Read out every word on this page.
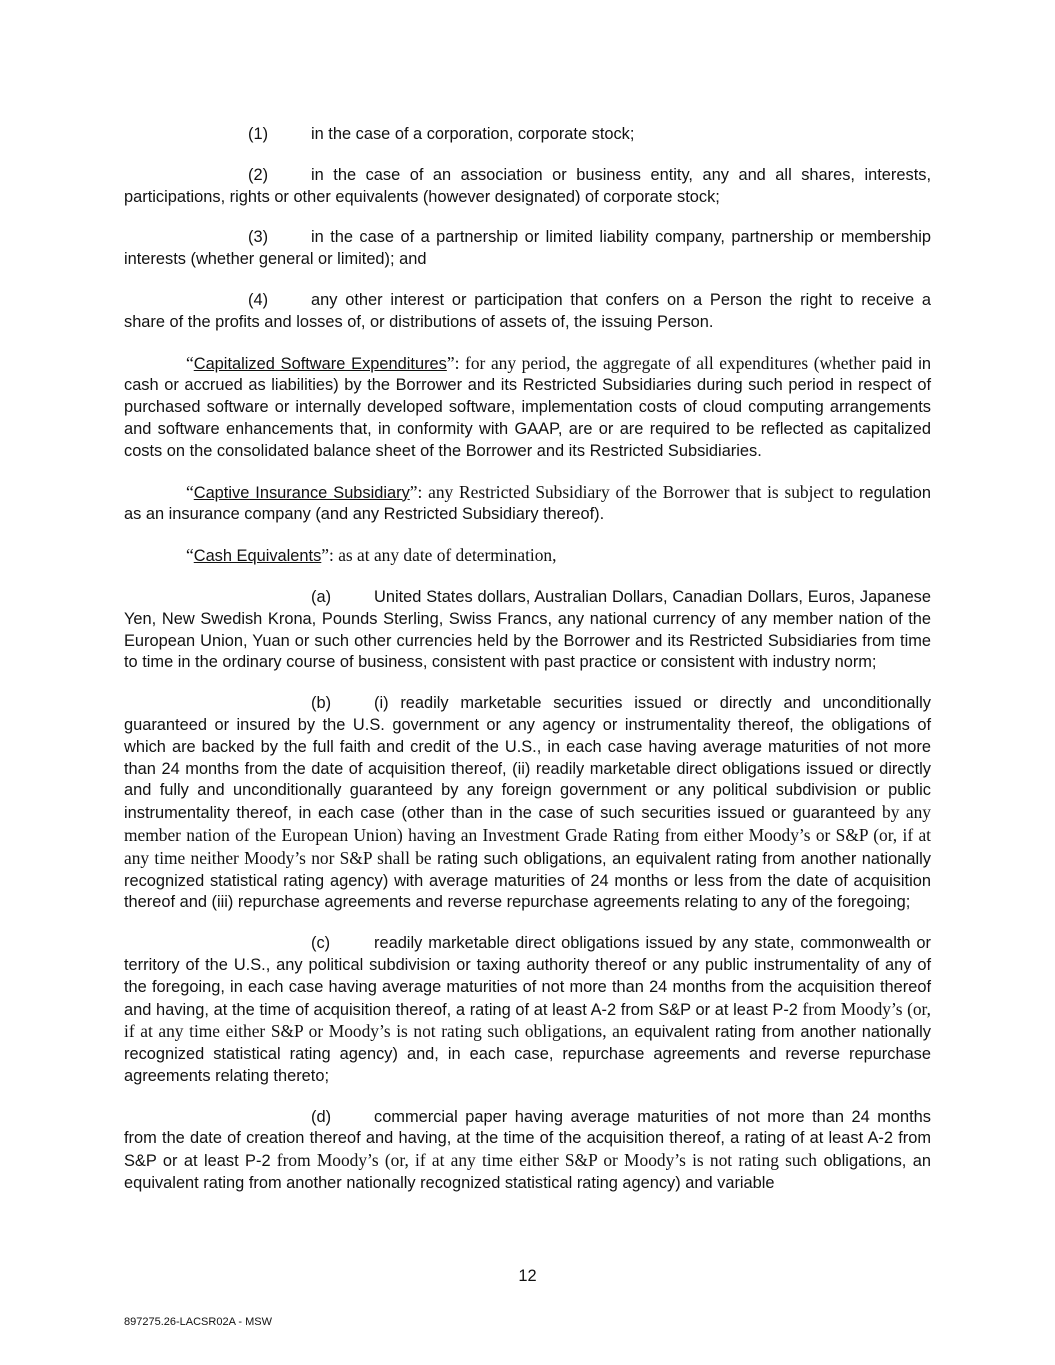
(1)	in the case of a corporation, corporate stock;

(2)	in the case of an association or business entity, any and all shares, interests, participations, rights or other equivalents (however designated) of corporate stock;

(3)	in the case of a partnership or limited liability company, partnership or membership interests (whether general or limited); and

(4)	any other interest or participation that confers on a Person the right to receive a share of the profits and losses of, or distributions of assets of, the issuing Person.

“Capitalized Software Expenditures”: for any period, the aggregate of all expenditures (whether paid in cash or accrued as liabilities) by the Borrower and its Restricted Subsidiaries during such period in respect of purchased software or internally developed software, implementation costs of cloud computing arrangements and software enhancements that, in conformity with GAAP, are or are required to be reflected as capitalized costs on the consolidated balance sheet of the Borrower and its Restricted Subsidiaries.

“Captive Insurance Subsidiary”: any Restricted Subsidiary of the Borrower that is subject to regulation as an insurance company (and any Restricted Subsidiary thereof).

“Cash Equivalents”: as at any date of determination,

(a)	United States dollars, Australian Dollars, Canadian Dollars, Euros, Japanese Yen, New Swedish Krona, Pounds Sterling, Swiss Francs, any national currency of any member nation of the European Union, Yuan or such other currencies held by the Borrower and its Restricted Subsidiaries from time to time in the ordinary course of business, consistent with past practice or consistent with industry norm;

(b)	(i) readily marketable securities issued or directly and unconditionally guaranteed or insured by the U.S. government or any agency or instrumentality thereof, the obligations of which are backed by the full faith and credit of the U.S., in each case having average maturities of not more than 24 months from the date of acquisition thereof, (ii) readily marketable direct obligations issued or directly and fully and unconditionally guaranteed by any foreign government or any political subdivision or public instrumentality thereof, in each case (other than in the case of such securities issued or guaranteed by any member nation of the European Union) having an Investment Grade Rating from either Moody’s or S&P (or, if at any time neither Moody’s nor S&P shall be rating such obligations, an equivalent rating from another nationally recognized statistical rating agency) with average maturities of 24 months or less from the date of acquisition thereof and (iii) repurchase agreements and reverse repurchase agreements relating to any of the foregoing;

(c)	readily marketable direct obligations issued by any state, commonwealth or territory of the U.S., any political subdivision or taxing authority thereof or any public instrumentality of any of the foregoing, in each case having average maturities of not more than 24 months from the acquisition thereof and having, at the time of acquisition thereof, a rating of at least A-2 from S&P or at least P-2 from Moody’s (or, if at any time either S&P or Moody’s is not rating such obligations, an equivalent rating from another nationally recognized statistical rating agency) and, in each case, repurchase agreements and reverse repurchase agreements relating thereto;

(d)	commercial paper having average maturities of not more than 24 months from the date of creation thereof and having, at the time of the acquisition thereof, a rating of at least A-2 from S&P or at least P-2 from Moody’s (or, if at any time either S&P or Moody’s is not rating such obligations, an equivalent rating from another nationally recognized statistical rating agency) and variable

12
897275.26-LACSR02A - MSW
